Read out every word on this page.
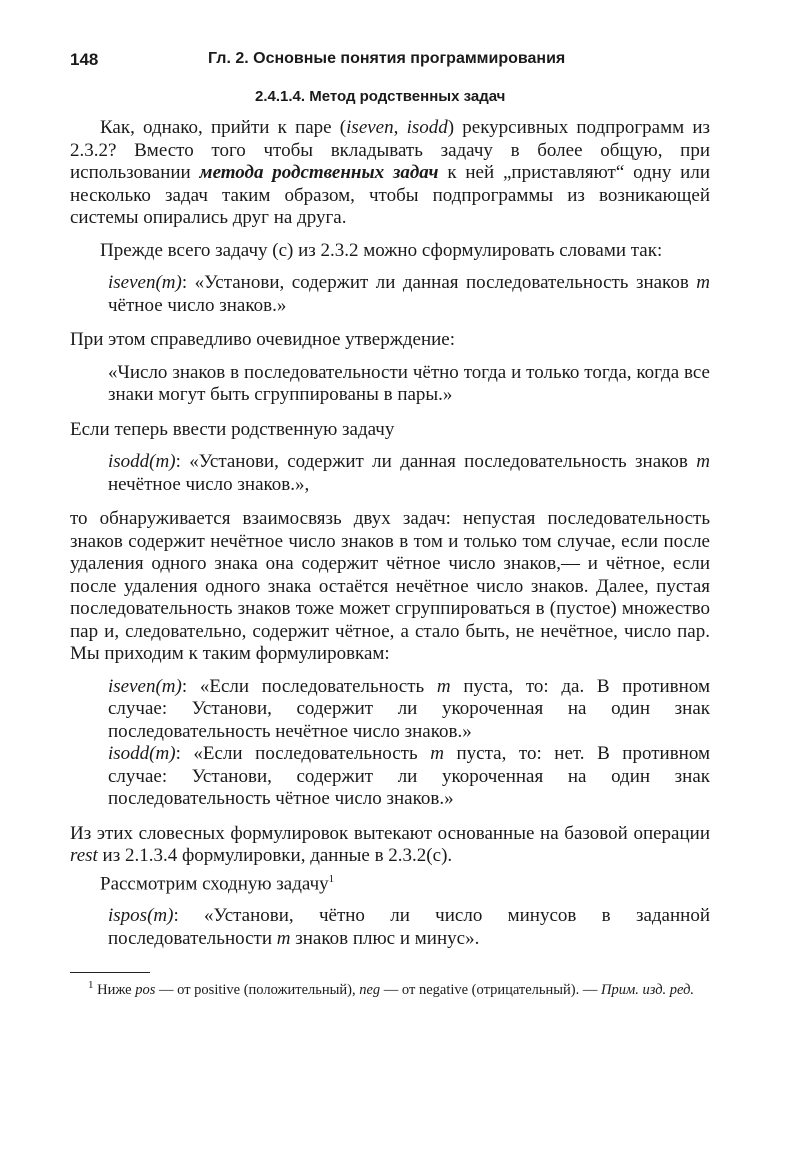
148	Гл. 2. Основные понятия программирования
2.4.1.4. Метод родственных задач

Как, однако, прийти к паре (iseven, isodd) рекурсивных подпрограмм из 2.3.2? Вместо того чтобы вкладывать задачу в более общую, при использовании метода родственных задач к ней „приставляют“ одну или несколько задач таким образом, чтобы подпрограммы из возникающей системы опирались друг на друга.

Прежде всего задачу (с) из 2.3.2 можно сформулировать словами так:

iseven(m): «Установи, содержит ли данная последовательность знаков m чётное число знаков.»

При этом справедливо очевидное утверждение:

«Число знаков в последовательности чётно тогда и только тогда, когда все знаки могут быть сгруппированы в пары.»

Если теперь ввести родственную задачу

isodd(m): «Установи, содержит ли данная последовательность знаков m нечётное число знаков.»,

то обнаруживается взаимосвязь двух задач: непустая последовательность знаков содержит нечётное число знаков в том и только том случае, если после удаления одного знака она содержит чётное число знаков,— и чётное, если после удаления одного знака остаётся нечётное число знаков. Далее, пустая последовательность знаков тоже может сгруппироваться в (пустое) множество пар и, следовательно, содержит чётное, а стало быть, не нечётное, число пар. Мы приходим к таким формулировкам:

iseven(m): «Если последовательность m пуста, то: да. В противном случае: Установи, содержит ли укороченная на один знак последовательность нечётное число знаков.»

isodd(m): «Если последовательность m пуста, то: нет. В противном случае: Установи, содержит ли укороченная на один знак последовательность чётное число знаков.»

Из этих словесных формулировок вытекают основанные на базовой операции rest из 2.1.3.4 формулировки, данные в 2.3.2(c).

Рассмотрим сходную задачу$^1$

ispos(m): «Установи, чётно ли число минусов в заданной последовательности m знаков плюс и минус».

$^1$ Ниже pos — от positive (положительный), neg — от negative (отрицательный). — Прим. изд. ред.
